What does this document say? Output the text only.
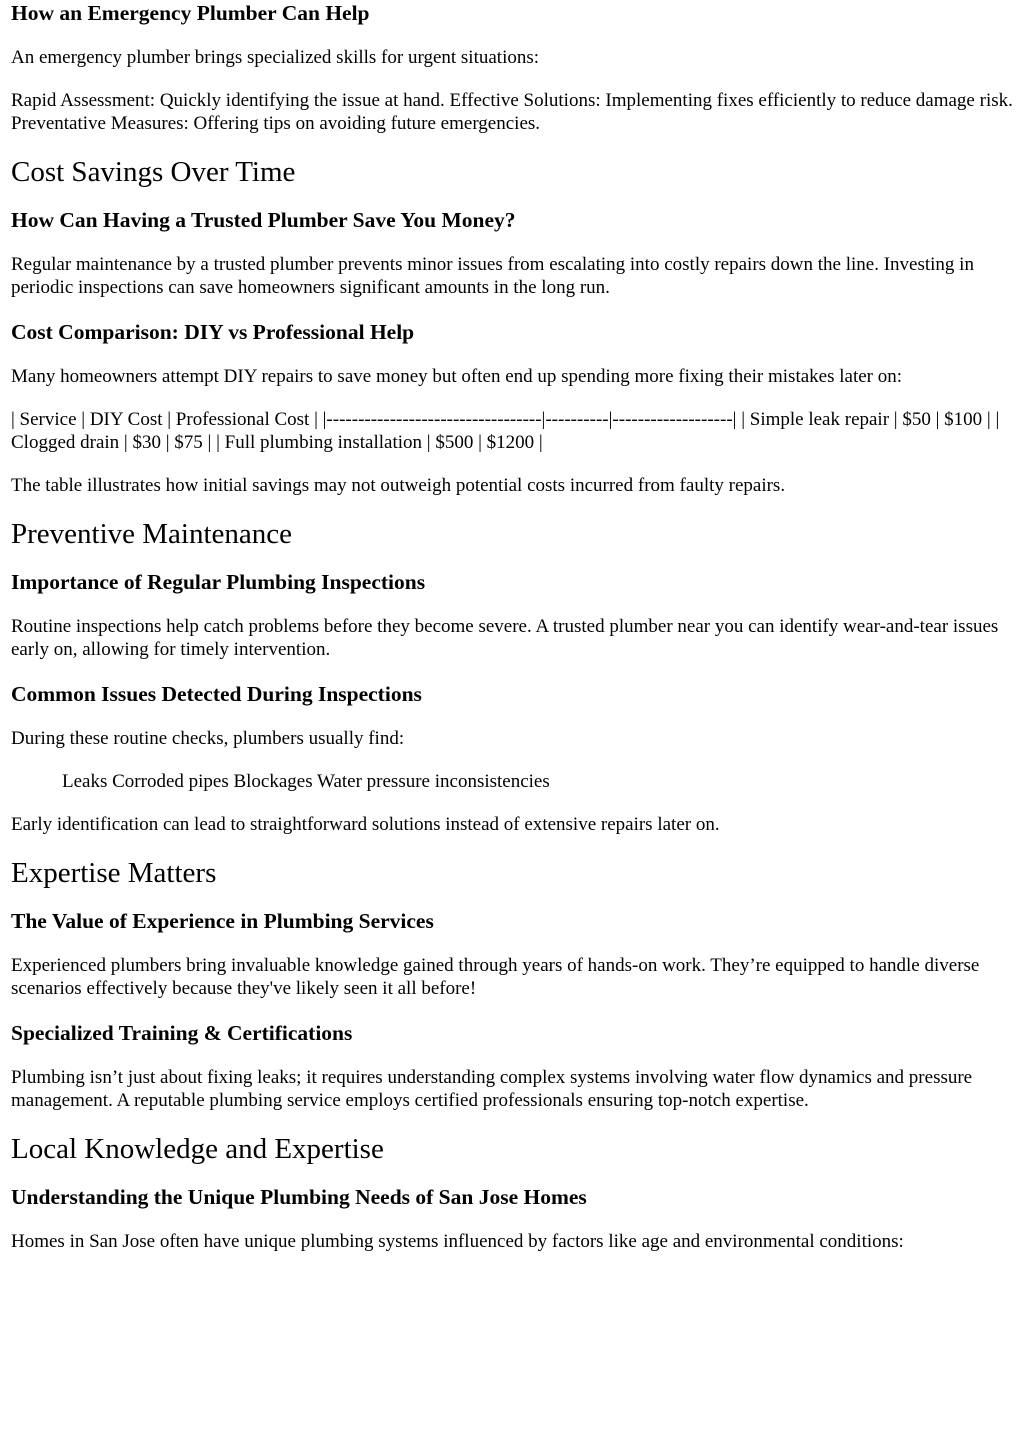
How an Emergency Plumber Can Help

An emergency plumber brings specialized skills for urgent situations:

Rapid Assessment: Quickly identifying the issue at hand. Effective Solutions: Implementing fixes efficiently to reduce damage risk. Preventative Measures: Offering tips on avoiding future emergencies.

Cost Savings Over Time
How Can Having a Trusted Plumber Save You Money?

Regular maintenance by a trusted plumber prevents minor issues from escalating into costly repairs down the line. Investing in periodic inspections can save homeowners significant amounts in the long run.

Cost Comparison: DIY vs Professional Help

Many homeowners attempt DIY repairs to save money but often end up spending more fixing their mistakes later on:

| Service | DIY Cost | Professional Cost | |----------------------------------|----------|-------------------| | Simple leak repair | $50 | $100 | | Clogged drain | $30 | $75 | | Full plumbing installation | $500 | $1200 |

The table illustrates how initial savings may not outweigh potential costs incurred from faulty repairs.

Preventive Maintenance
Importance of Regular Plumbing Inspections

Routine inspections help catch problems before they become severe. A trusted plumber near you can identify wear-and-tear issues early on, allowing for timely intervention.

Common Issues Detected During Inspections

During these routine checks, plumbers usually find:

Leaks Corroded pipes Blockages Water pressure inconsistencies

Early identification can lead to straightforward solutions instead of extensive repairs later on.

Expertise Matters
The Value of Experience in Plumbing Services

Experienced plumbers bring invaluable knowledge gained through years of hands-on work. They’re equipped to handle diverse scenarios effectively because they've likely seen it all before!

Specialized Training & Certifications

Plumbing isn’t just about fixing leaks; it requires understanding complex systems involving water flow dynamics and pressure management. A reputable plumbing service employs certified professionals ensuring top-notch expertise.

Local Knowledge and Expertise
Understanding the Unique Plumbing Needs of San Jose Homes

Homes in San Jose often have unique plumbing systems influenced by factors like age and environmental conditions:
